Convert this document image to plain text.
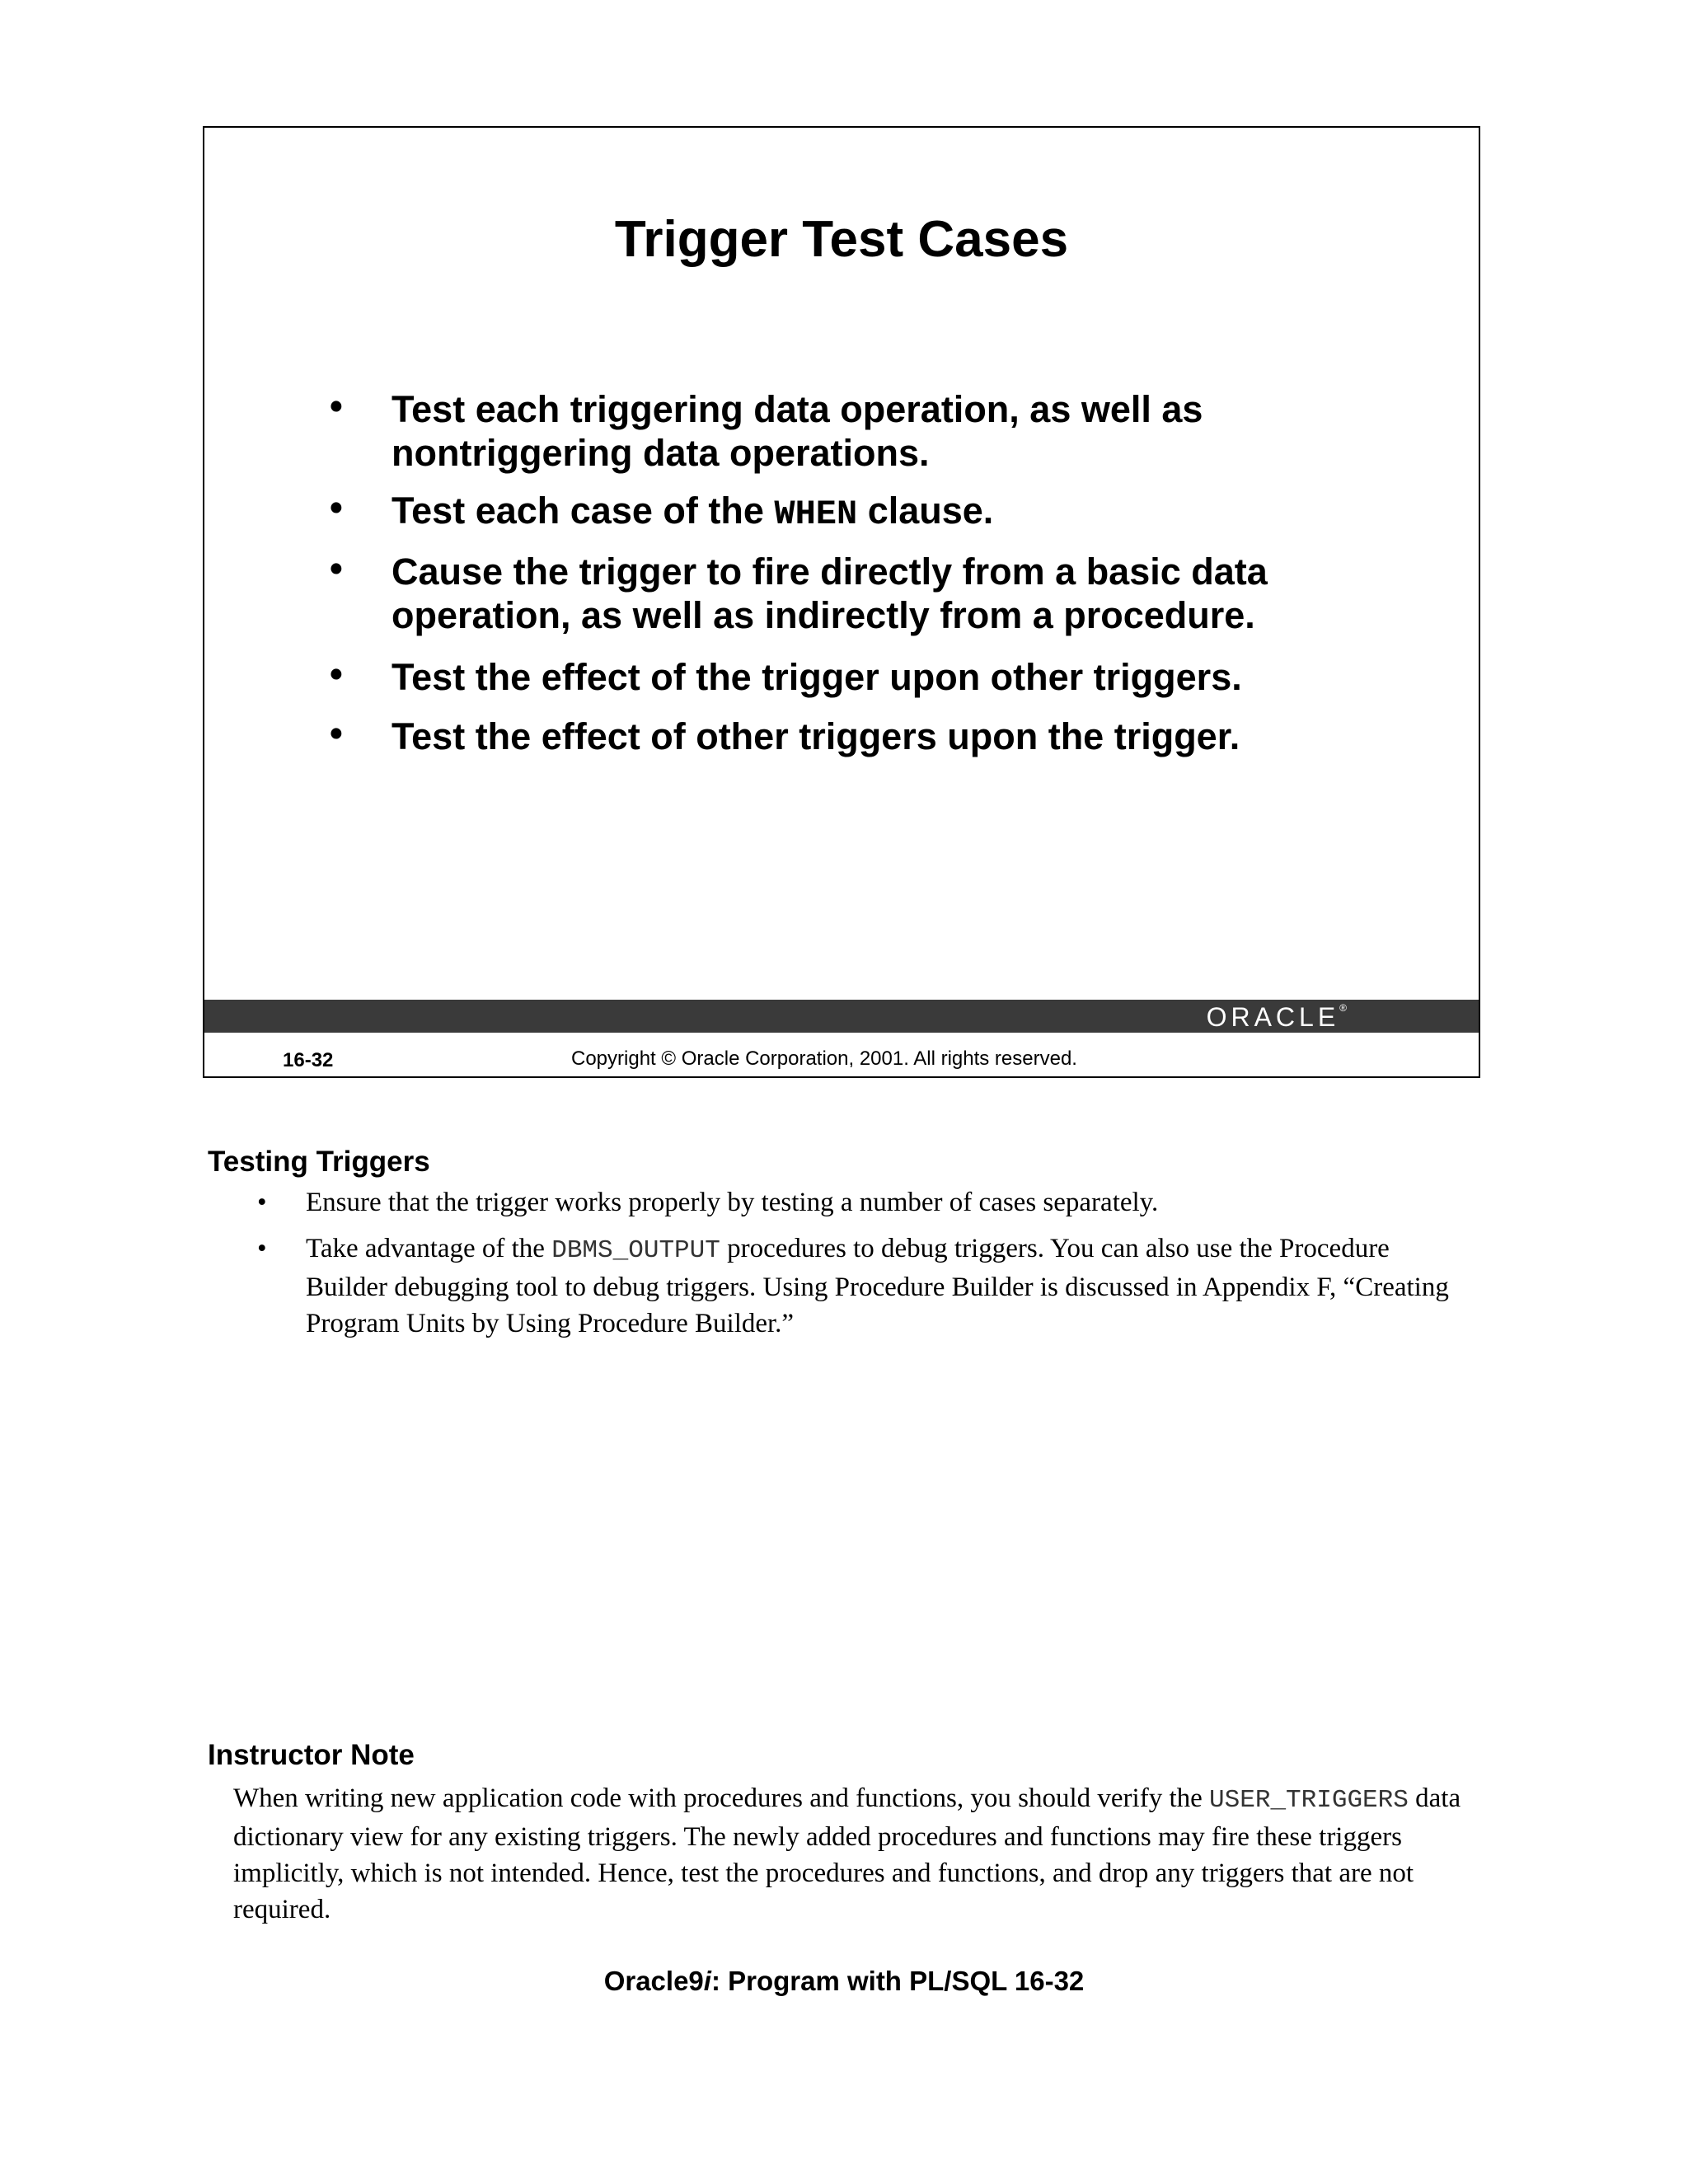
Trigger Test Cases
• Test each triggering data operation, as well as nontriggering data operations.
• Test each case of the WHEN clause.
• Cause the trigger to fire directly from a basic data operation, as well as indirectly from a procedure.
• Test the effect of the trigger upon other triggers.
• Test the effect of other triggers upon the trigger.
ORACLE®
16-32	Copyright © Oracle Corporation, 2001. All rights reserved.
Testing Triggers
• Ensure that the trigger works properly by testing a number of cases separately.
• Take advantage of the DBMS_OUTPUT procedures to debug triggers. You can also use the Procedure Builder debugging tool to debug triggers. Using Procedure Builder is discussed in Appendix F, “Creating Program Units by Using Procedure Builder.”
Instructor Note

When writing new application code with procedures and functions, you should verify the USER_TRIGGERS data dictionary view for any existing triggers. The newly added procedures and functions may fire these triggers implicitly, which is not intended. Hence, test the procedures and functions, and drop any triggers that are not required.

Oracle9i: Program with PL/SQL 16-32
